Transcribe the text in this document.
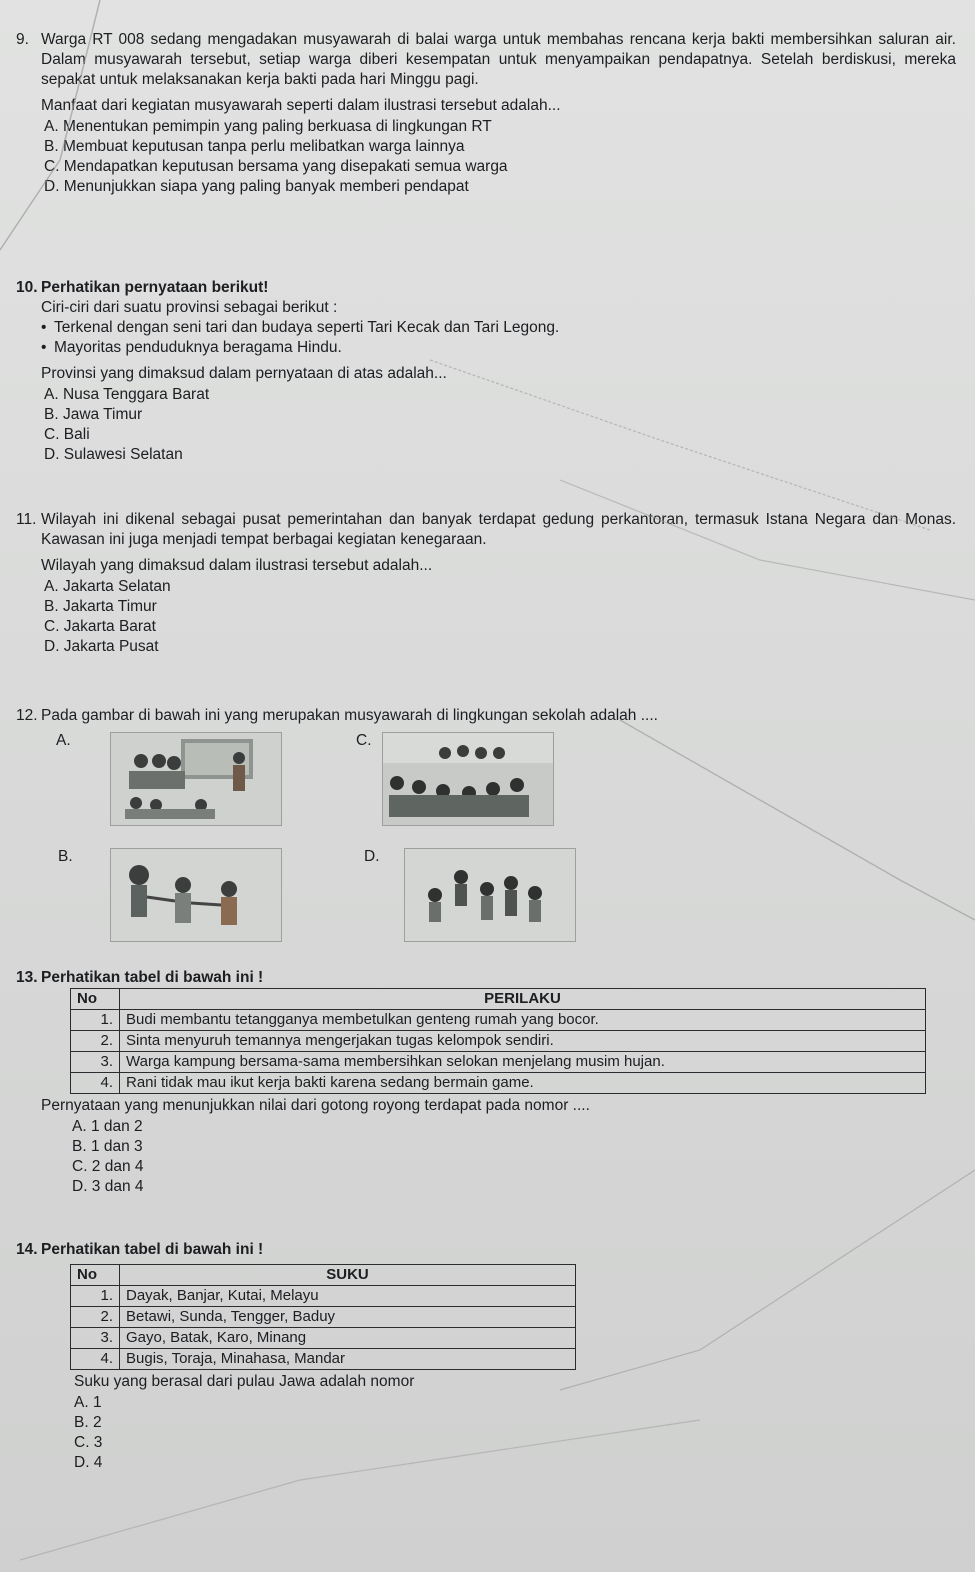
9. Warga RT 008 sedang mengadakan musyawarah di balai warga untuk membahas rencana kerja bakti membersihkan saluran air. Dalam musyawarah tersebut, setiap warga diberi kesempatan untuk menyampaikan pendapatnya. Setelah berdiskusi, mereka sepakat untuk melaksanakan kerja bakti pada hari Minggu pagi.
Manfaat dari kegiatan musyawarah seperti dalam ilustrasi tersebut adalah...
A. Menentukan pemimpin yang paling berkuasa di lingkungan RT
B. Membuat keputusan tanpa perlu melibatkan warga lainnya
C. Mendapatkan keputusan bersama yang disepakati semua warga
D. Menunjukkan siapa yang paling banyak memberi pendapat
10. Perhatikan pernyataan berikut!
Ciri-ciri dari suatu provinsi sebagai berikut :
• Terkenal dengan seni tari dan budaya seperti Tari Kecak dan Tari Legong.
• Mayoritas penduduknya beragama Hindu.
Provinsi yang dimaksud dalam pernyataan di atas adalah...
A. Nusa Tenggara Barat
B. Jawa Timur
C. Bali
D. Sulawesi Selatan
11. Wilayah ini dikenal sebagai pusat pemerintahan dan banyak terdapat gedung perkantoran, termasuk Istana Negara dan Monas. Kawasan ini juga menjadi tempat berbagai kegiatan kenegaraan.
Wilayah yang dimaksud dalam ilustrasi tersebut adalah...
A. Jakarta Selatan
B. Jakarta Timur
C. Jakarta Barat
D. Jakarta Pusat
12. Pada gambar di bawah ini yang merupakan musyawarah di lingkungan sekolah adalah ....
A.	C.
B.	D.
13. Perhatikan tabel di bawah ini !
No	PERILAKU
1.	Budi membantu tetangganya membetulkan genteng rumah yang bocor.
2.	Sinta menyuruh temannya mengerjakan tugas kelompok sendiri.
3.	Warga kampung bersama-sama membersihkan selokan menjelang musim hujan.
4.	Rani tidak mau ikut kerja bakti karena sedang bermain game.
Pernyataan yang menunjukkan nilai dari gotong royong terdapat pada nomor ....
A. 1 dan 2
B. 1 dan 3
C. 2 dan 4
D. 3 dan 4
14. Perhatikan tabel di bawah ini !
No	SUKU
1.	Dayak, Banjar, Kutai, Melayu
2.	Betawi, Sunda, Tengger, Baduy
3.	Gayo, Batak, Karo, Minang
4.	Bugis, Toraja, Minahasa, Mandar
Suku yang berasal dari pulau Jawa adalah nomor
A. 1
B. 2
C. 3
D. 4
